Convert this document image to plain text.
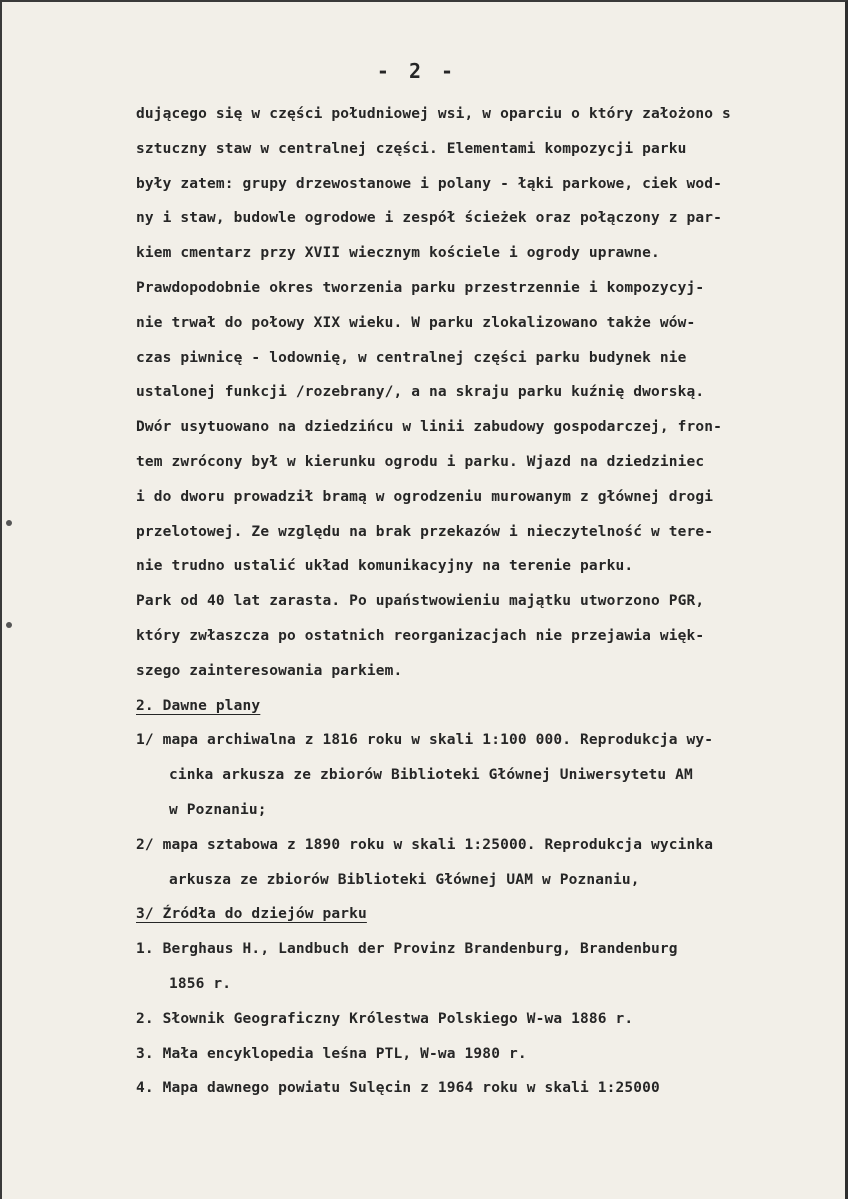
- 2 -
dującego się w części południowej wsi, w oparciu o który założono s
sztuczny staw w centralnej części. Elementami kompozycji parku
były zatem: grupy drzewostanowe i polany - łąki parkowe, ciek wod-
ny i staw, budowle ogrodowe i zespół ścieżek oraz połączony z par-
kiem cmentarz przy XVII wiecznym kościele i ogrody uprawne.
Prawdopodobnie okres tworzenia parku przestrzennie i kompozycyj-
nie trwał do połowy XIX wieku. W parku zlokalizowano także wów-
czas piwnicę - lodownię, w centralnej części parku budynek nie
ustalonej funkcji /rozebrany/, a na skraju parku kuźnię dworską.
Dwór usytuowano na dziedzińcu w linii zabudowy gospodarczej, fron-
tem zwrócony był w kierunku ogrodu i parku. Wjazd na dziedziniec
i do dworu prowadził bramą w ogrodzeniu murowanym z głównej drogi
przelotowej. Ze względu na brak przekazów i nieczytelność w tere-
nie trudno ustalić układ komunikacyjny na terenie parku.
Park od 40 lat zarasta. Po upaństwowieniu majątku utworzono PGR,
który zwłaszcza po ostatnich reorganizacjach nie przejawia więk-
szego zainteresowania parkiem.
2. Dawne plany
1/ mapa archiwalna z 1816 roku w skali 1:100 000. Reprodukcja wy-
cinka arkusza ze zbiorów Biblioteki Głównej Uniwersytetu AM
w Poznaniu;
2/ mapa sztabowa z 1890 roku w skali 1:25000. Reprodukcja wycinka
arkusza ze zbiorów Biblioteki Głównej UAM w Poznaniu,
3/ Źródła do dziejów parku
1. Berghaus H., Landbuch der Provinz Brandenburg, Brandenburg
1856 r.
2. Słownik Geograficzny Królestwa Polskiego W-wa 1886 r.
3. Mała encyklopedia leśna PTL, W-wa 1980 r.
4. Mapa dawnego powiatu Sulęcin z 1964 roku w skali 1:25000
